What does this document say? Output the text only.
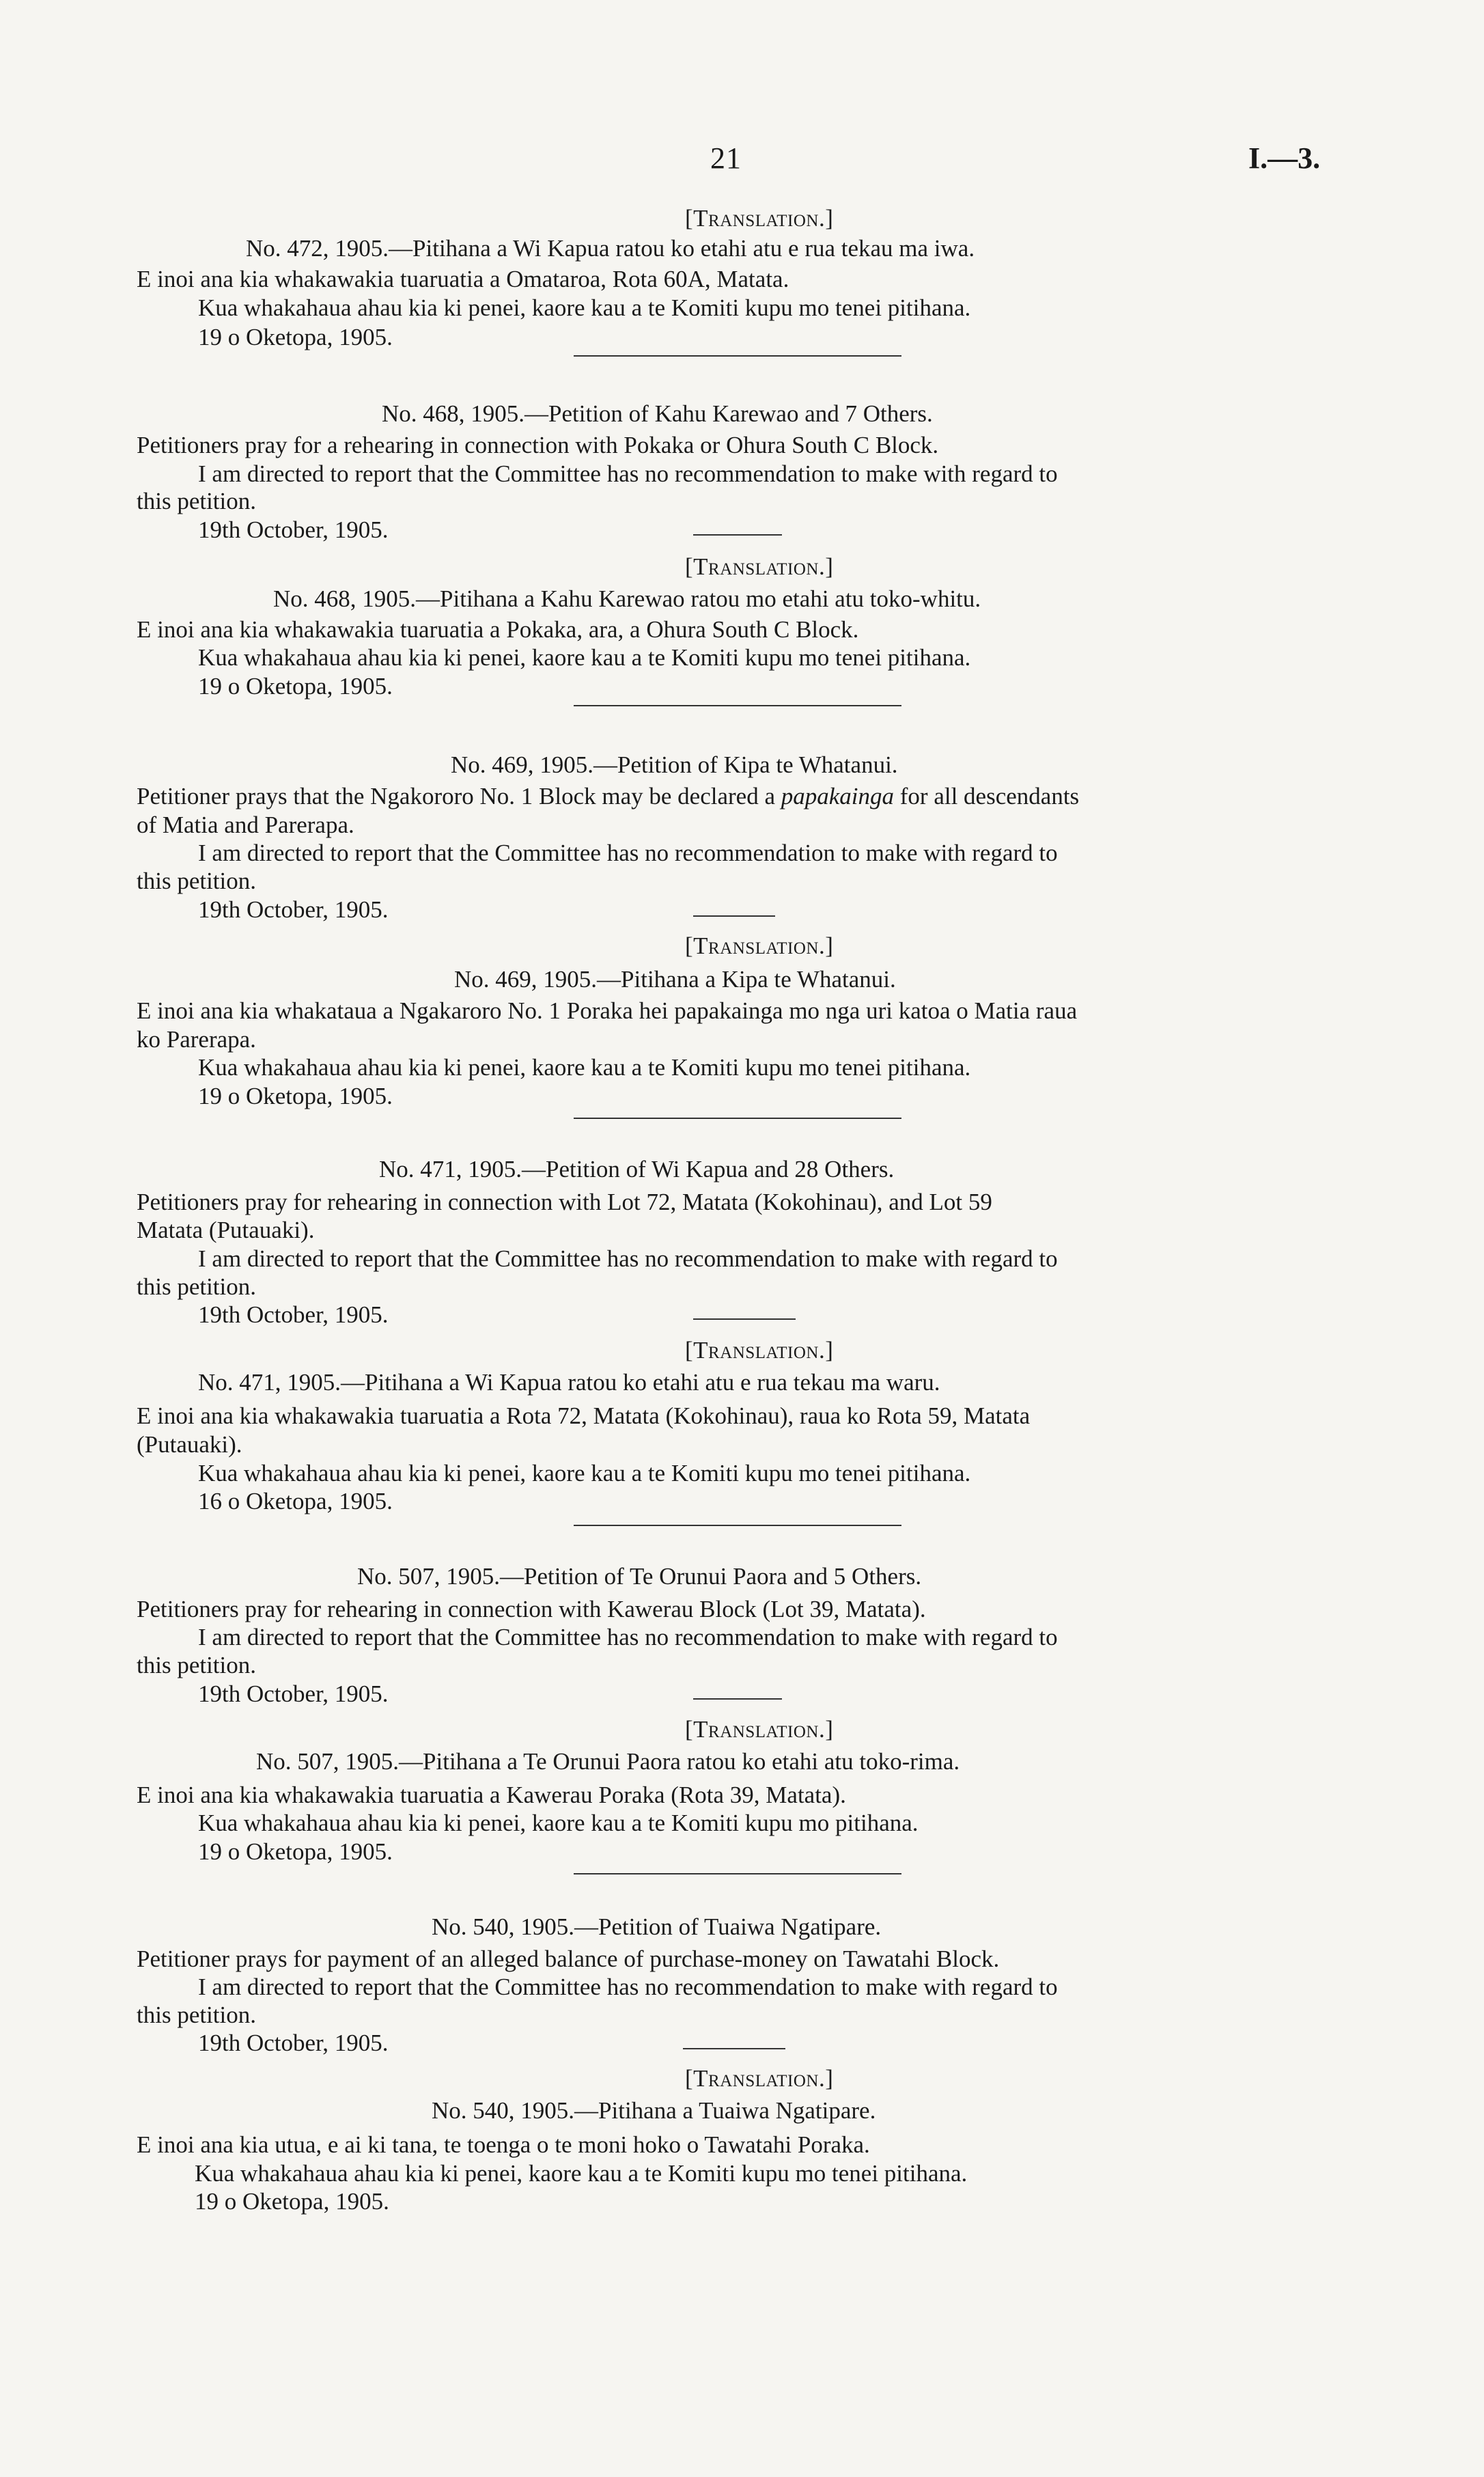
21	I.—3.
[Translation.]
No. 472, 1905.—Pitihana a Wi Kapua ratou ko etahi atu e rua tekau ma iwa.
E inoi ana kia whakawakia tuaruatia a Omataroa, Rota 60A, Matata.
Kua whakahaua ahau kia ki penei, kaore kau a te Komiti kupu mo tenei pitihana.
19 o Oketopa, 1905.
No. 468, 1905.—Petition of Kahu Karewao and 7 Others.
Petitioners pray for a rehearing in connection with Pokaka or Ohura South C Block.
I am directed to report that the Committee has no recommendation to make with regard to
this petition.
19th October, 1905.
[Translation.]
No. 468, 1905.—Pitihana a Kahu Karewao ratou mo etahi atu toko-whitu.
E inoi ana kia whakawakia tuaruatia a Pokaka, ara, a Ohura South C Block.
Kua whakahaua ahau kia ki penei, kaore kau a te Komiti kupu mo tenei pitihana.
19 o Oketopa, 1905.
No. 469, 1905.—Petition of Kipa te Whatanui.
Petitioner prays that the Ngakororo No. 1 Block may be declared a papakainga for all descendants
of Matia and Parerapa.
I am directed to report that the Committee has no recommendation to make with regard to
this petition.
19th October, 1905.
[Translation.]
No. 469, 1905.—Pitihana a Kipa te Whatanui.
E inoi ana kia whakataua a Ngakaroro No. 1 Poraka hei papakainga mo nga uri katoa o Matia raua
ko Parerapa.
Kua whakahaua ahau kia ki penei, kaore kau a te Komiti kupu mo tenei pitihana.
19 o Oketopa, 1905.
No. 471, 1905.—Petition of Wi Kapua and 28 Others.
Petitioners pray for rehearing in connection with Lot 72, Matata (Kokohinau), and Lot 59
Matata (Putauaki).
I am directed to report that the Committee has no recommendation to make with regard to
this petition.
19th October, 1905.
[Translation.]
No. 471, 1905.—Pitihana a Wi Kapua ratou ko etahi atu e rua tekau ma waru.
E inoi ana kia whakawakia tuaruatia a Rota 72, Matata (Kokohinau), raua ko Rota 59, Matata
(Putauaki).
Kua whakahaua ahau kia ki penei, kaore kau a te Komiti kupu mo tenei pitihana.
16 o Oketopa, 1905.
No. 507, 1905.—Petition of Te Orunui Paora and 5 Others.
Petitioners pray for rehearing in connection with Kawerau Block (Lot 39, Matata).
I am directed to report that the Committee has no recommendation to make with regard to
this petition.
19th October, 1905.
[Translation.]
No. 507, 1905.—Pitihana a Te Orunui Paora ratou ko etahi atu toko-rima.
E inoi ana kia whakawakia tuaruatia a Kawerau Poraka (Rota 39, Matata).
Kua whakahaua ahau kia ki penei, kaore kau a te Komiti kupu mo pitihana.
19 o Oketopa, 1905.
No. 540, 1905.—Petition of Tuaiwa Ngatipare.
Petitioner prays for payment of an alleged balance of purchase-money on Tawatahi Block.
I am directed to report that the Committee has no recommendation to make with regard to
this petition.
19th October, 1905.
[Translation.]
No. 540, 1905.—Pitihana a Tuaiwa Ngatipare.
E inoi ana kia utua, e ai ki tana, te toenga o te moni hoko o Tawatahi Poraka.
Kua whakahaua ahau kia ki penei, kaore kau a te Komiti kupu mo tenei pitihana.
19 o Oketopa, 1905.
